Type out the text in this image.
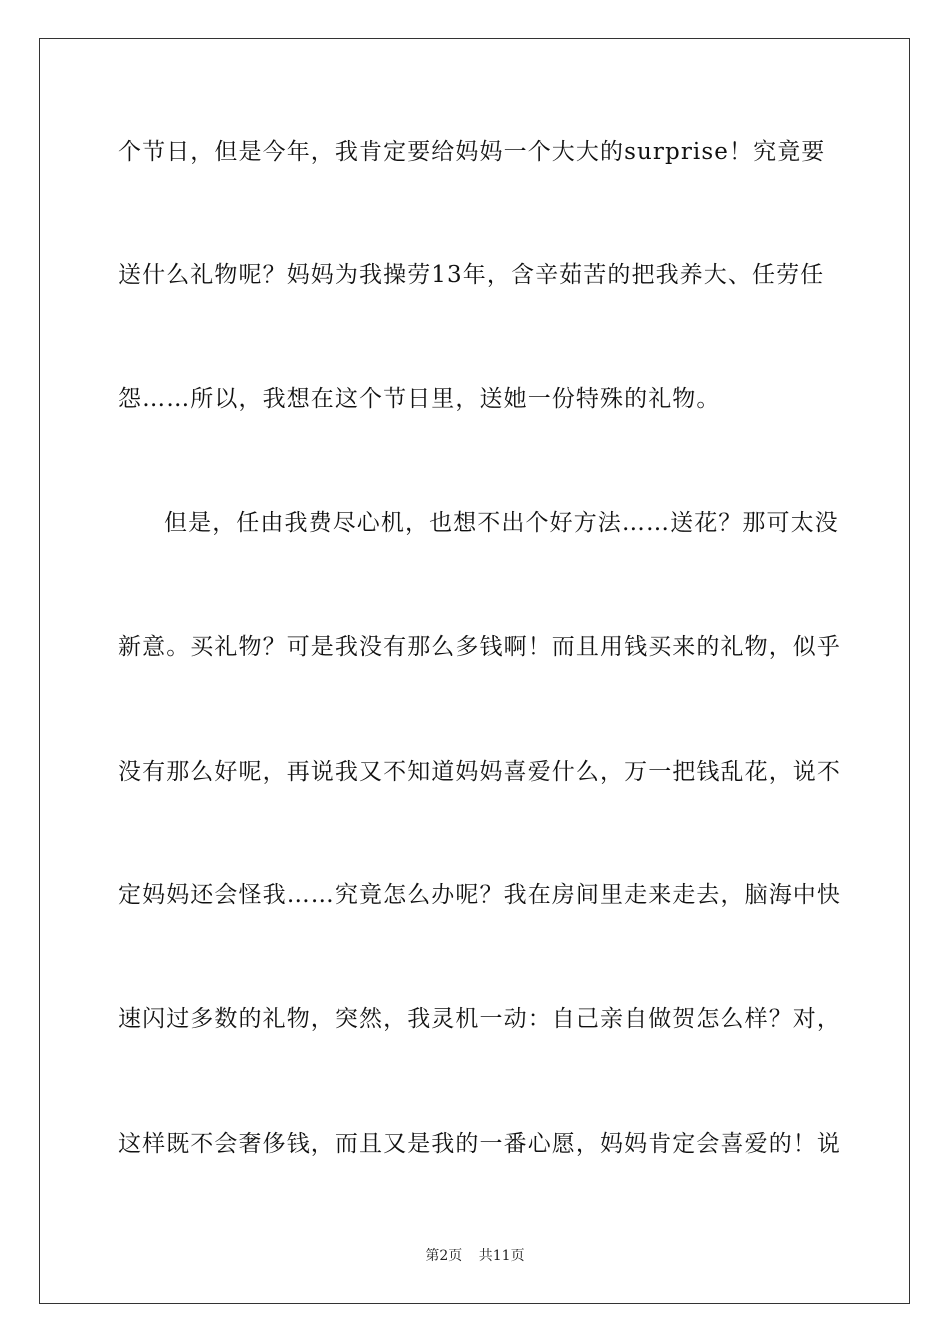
个节日，但是今年，我肯定要给妈妈一个大大的surprise！究竟要
送什么礼物呢？妈妈为我操劳13年，含辛茹苦的把我养大、任劳任
怨……所以，我想在这个节日里，送她一份特殊的礼物。
但是，任由我费尽心机，也想不出个好方法……送花？那可太没
新意。买礼物？可是我没有那么多钱啊！而且用钱买来的礼物，似乎
没有那么好呢，再说我又不知道妈妈喜爱什么，万一把钱乱花，说不
定妈妈还会怪我……究竟怎么办呢？我在房间里走来走去，脑海中快
速闪过多数的礼物，突然，我灵机一动：自己亲自做贺怎么样？对，
这样既不会奢侈钱，而且又是我的一番心愿，妈妈肯定会喜爱的！说
第2页 共11页
